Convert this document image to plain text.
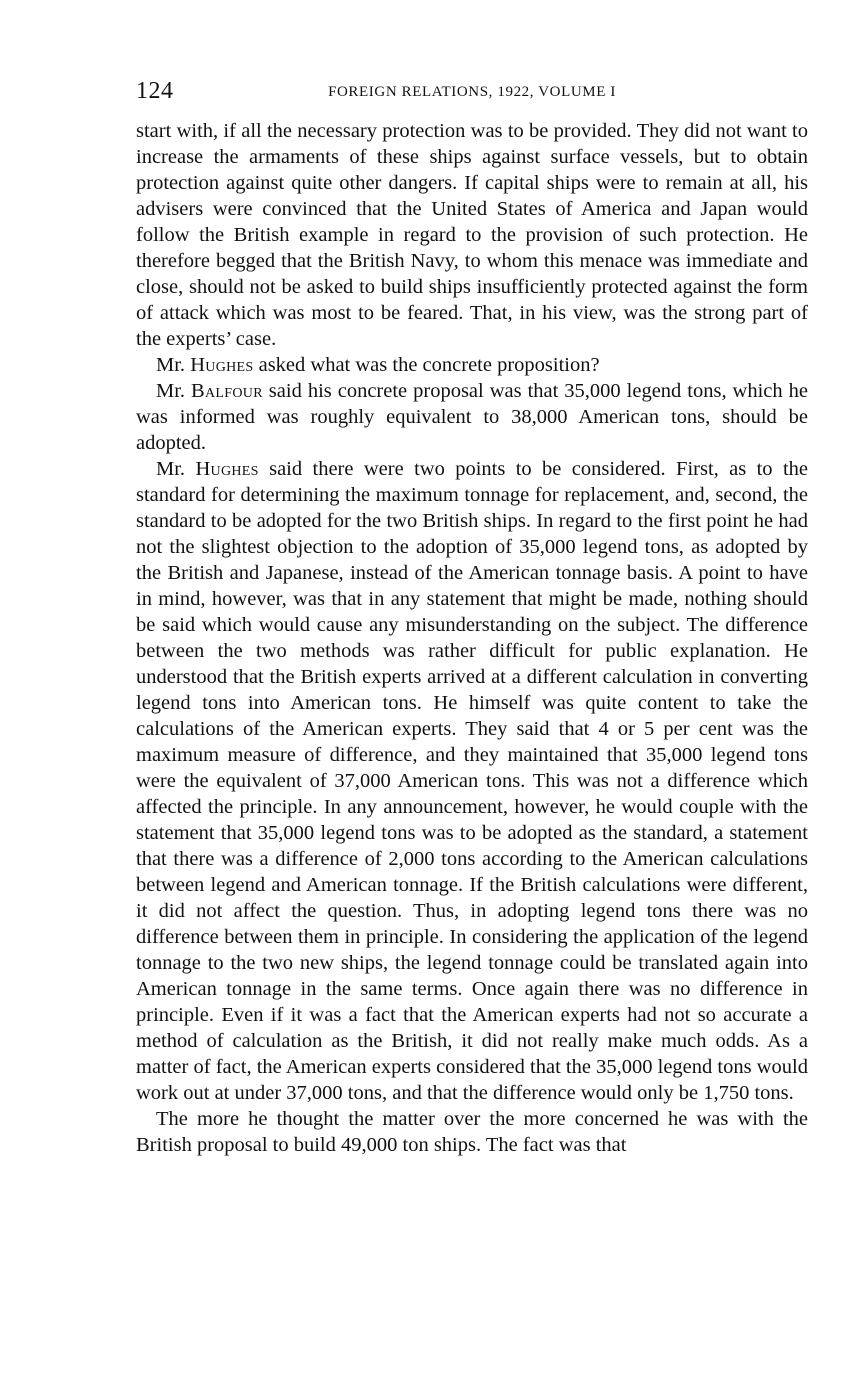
124	FOREIGN RELATIONS, 1922, VOLUME I

start with, if all the necessary protection was to be provided. They did not want to increase the armaments of these ships against surface vessels, but to obtain protection against quite other dangers. If capital ships were to remain at all, his advisers were convinced that the United States of America and Japan would follow the British example in regard to the provision of such protection. He therefore begged that the British Navy, to whom this menace was immediate and close, should not be asked to build ships insufficiently protected against the form of attack which was most to be feared. That, in his view, was the strong part of the experts’ case.

Mr. Hughes asked what was the concrete proposition?

Mr. Balfour said his concrete proposal was that 35,000 legend tons, which he was informed was roughly equivalent to 38,000 American tons, should be adopted.

Mr. Hughes said there were two points to be considered. First, as to the standard for determining the maximum tonnage for replacement, and, second, the standard to be adopted for the two British ships. In regard to the first point he had not the slightest objection to the adoption of 35,000 legend tons, as adopted by the British and Japanese, instead of the American tonnage basis. A point to have in mind, however, was that in any statement that might be made, nothing should be said which would cause any misunderstanding on the subject. The difference between the two methods was rather difficult for public explanation. He understood that the British experts arrived at a different calculation in converting legend tons into American tons. He himself was quite content to take the calculations of the American experts. They said that 4 or 5 per cent was the maximum measure of difference, and they maintained that 35,000 legend tons were the equivalent of 37,000 American tons. This was not a difference which affected the principle. In any announcement, however, he would couple with the statement that 35,000 legend tons was to be adopted as the standard, a statement that there was a difference of 2,000 tons according to the American calculations between legend and American tonnage. If the British calculations were different, it did not affect the question. Thus, in adopting legend tons there was no difference between them in principle. In considering the application of the legend tonnage to the two new ships, the legend tonnage could be translated again into American tonnage in the same terms. Once again there was no difference in principle. Even if it was a fact that the American experts had not so accurate a method of calculation as the British, it did not really make much odds. As a matter of fact, the American experts considered that the 35,000 legend tons would work out at under 37,000 tons, and that the difference would only be 1,750 tons.

The more he thought the matter over the more concerned he was with the British proposal to build 49,000 ton ships. The fact was that
